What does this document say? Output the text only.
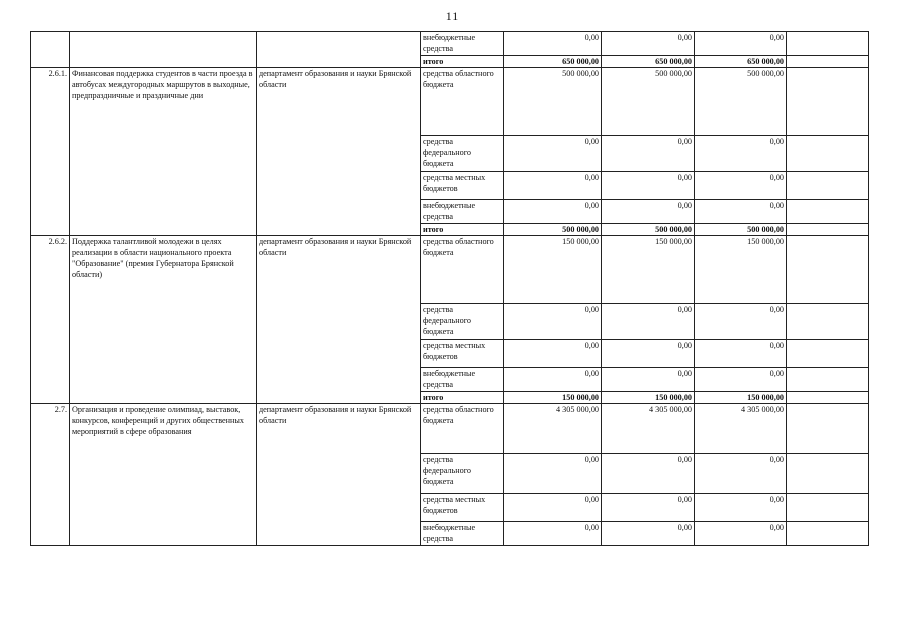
11
			внебюджетные средства	0,00	0,00	0,00	
			итого	650 000,00	650 000,00	650 000,00	
2.6.1.	Финансовая поддержка студентов в части проезда в автобусах междугородных маршрутов в выходные, предпраздничные и праздничные дни	департамент образования и науки Брянской области	средства областного бюджета	500 000,00	500 000,00	500 000,00	
			средства федерального бюджета	0,00	0,00	0,00	
			средства местных бюджетов	0,00	0,00	0,00	
			внебюджетные средства	0,00	0,00	0,00	
			итого	500 000,00	500 000,00	500 000,00	
2.6.2.	Поддержка талантливой молодежи в целях реализации в области национального проекта "Образование" (премия Губернатора Брянской области)	департамент образования и науки Брянской области	средства областного бюджета	150 000,00	150 000,00	150 000,00	
			средства федерального бюджета	0,00	0,00	0,00	
			средства местных бюджетов	0,00	0,00	0,00	
			внебюджетные средства	0,00	0,00	0,00	
			итого	150 000,00	150 000,00	150 000,00	
2.7.	Организация и проведение олимпиад, выставок, конкурсов, конференций и других общественных мероприятий в сфере образования	департамент образования и науки Брянской области	средства областного бюджета	4 305 000,00	4 305 000,00	4 305 000,00	
			средства федерального бюджета	0,00	0,00	0,00	
			средства местных бюджетов	0,00	0,00	0,00	
			внебюджетные средства	0,00	0,00	0,00	
